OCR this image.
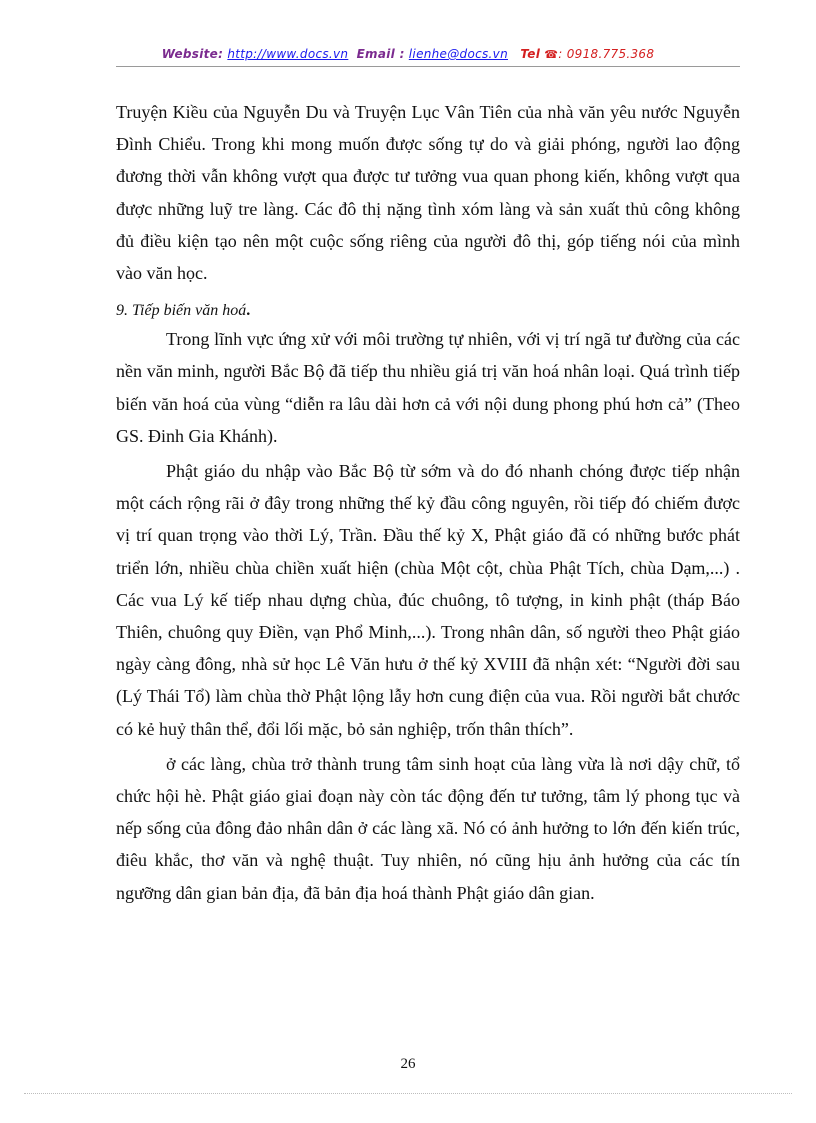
Website: http://www.docs.vn Email : lienhe@docs.vn Tel ☎: 0918.775.368

Truyện Kiều của Nguyễn Du và Truyện Lục Vân Tiên của nhà văn yêu nước Nguyễn Đình Chiểu. Trong khi mong muốn được sống tự do và giải phóng, người lao động đương thời vẫn không vượt qua được tư tưởng vua quan phong kiến, không vượt qua được những luỹ tre làng. Các đô thị nặng tình xóm làng và sản xuất thủ công không đủ điều kiện tạo nên một cuộc sống riêng của người đô thị, góp tiếng nói của mình vào văn học.

9. Tiếp biến văn hoá.

Trong lĩnh vực ứng xử với môi trường tự nhiên, với vị trí ngã tư đường của các nền văn minh, người Bắc Bộ đã tiếp thu nhiều giá trị văn hoá nhân loại. Quá trình tiếp biến văn hoá của vùng “diễn ra lâu dài hơn cả với nội dung phong phú hơn cả” (Theo GS. Đinh Gia Khánh).

Phật giáo du nhập vào Bắc Bộ từ sớm và do đó nhanh chóng được tiếp nhận một cách rộng rãi ở đây trong những thế kỷ đầu công nguyên, rồi tiếp đó chiếm được vị trí quan trọng vào thời Lý, Trần. Đầu thế kỷ X, Phật giáo đã có những bước phát triển lớn, nhiều chùa chiền xuất hiện (chùa Một cột, chùa Phật Tích, chùa Dạm,...) . Các vua Lý kế tiếp nhau dựng chùa, đúc chuông, tô tượng, in kinh phật (tháp Báo Thiên, chuông quy Điền, vạn Phổ Minh,...). Trong nhân dân, số người theo Phật giáo ngày càng đông, nhà sử học Lê Văn hưu ở thế kỷ XVIII đã nhận xét: “Người đời sau (Lý Thái Tổ) làm chùa thờ Phật lộng lẫy hơn cung điện của vua. Rồi người bắt chước có kẻ huỷ thân thể, đổi lối mặc, bỏ sản nghiệp, trốn thân thích”.

ở các làng, chùa trở thành trung tâm sinh hoạt của làng vừa là nơi dậy chữ, tổ chức hội hè. Phật giáo giai đoạn này còn tác động đến tư tưởng, tâm lý phong tục và nếp sống của đông đảo nhân dân ở các làng xã. Nó có ảnh hưởng to lớn đến kiến trúc, điêu khắc, thơ văn và nghệ thuật. Tuy nhiên, nó cũng hịu ảnh hưởng của các tín ngưỡng dân gian bản địa, đã bản địa hoá thành Phật giáo dân gian.

26
